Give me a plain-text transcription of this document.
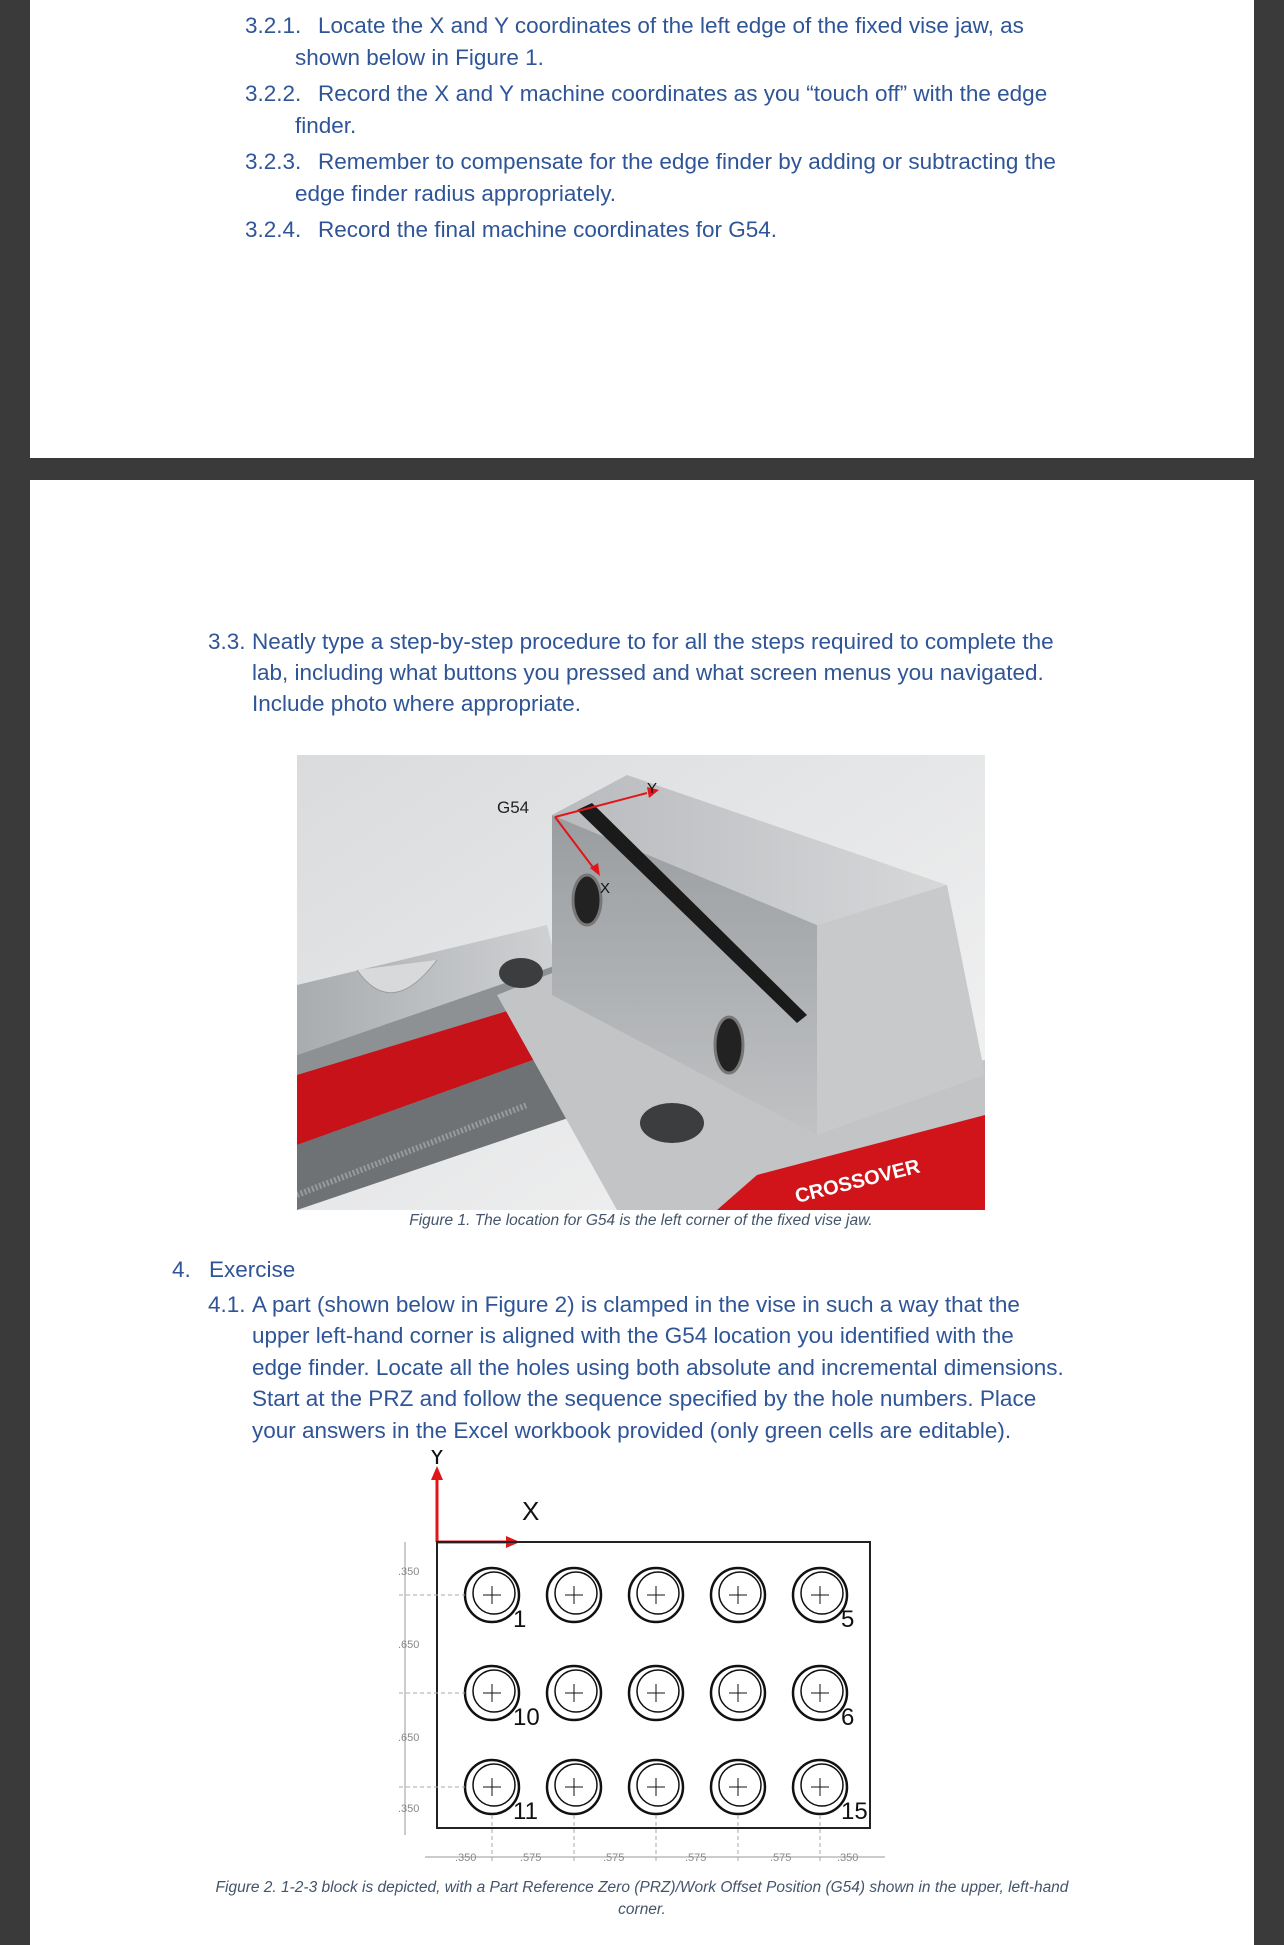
3.2.1. Locate the X and Y coordinates of the left edge of the fixed vise jaw, as

shown below in Figure 1.

3.2.2. Record the X and Y machine coordinates as you “touch off” with the edge

finder.

3.2.3. Remember to compensate for the edge finder by adding or subtracting the

edge finder radius appropriately.

3.2.4. Record the final machine coordinates for G54.

3.3. Neatly type a step-by-step procedure to for all the steps required to complete the

lab, including what buttons you pressed and what screen menus you navigated.

Include photo where appropriate.

CROSSOVER
G54
Y
X

Figure 1. The location for G54 is the left corner of the fixed vise jaw.

4. Exercise

4.1. A part (shown below in Figure 2) is clamped in the vise in such a way that the

upper left-hand corner is aligned with the G54 location you identified with the

edge finder. Locate all the holes using both absolute and incremental dimensions.

Start at the PRZ and follow the sequence specified by the hole numbers. Place

your answers in the Excel workbook provided (only green cells are editable).

Y
X
.350
.650
.650
.350
.350	.575	.575	.575	.575	.350
1	5
6
10
11	15

Figure 2. 1-2-3 block is depicted, with a Part Reference Zero (PRZ)/Work Offset Position (G54) shown in the upper, left-hand

corner.
